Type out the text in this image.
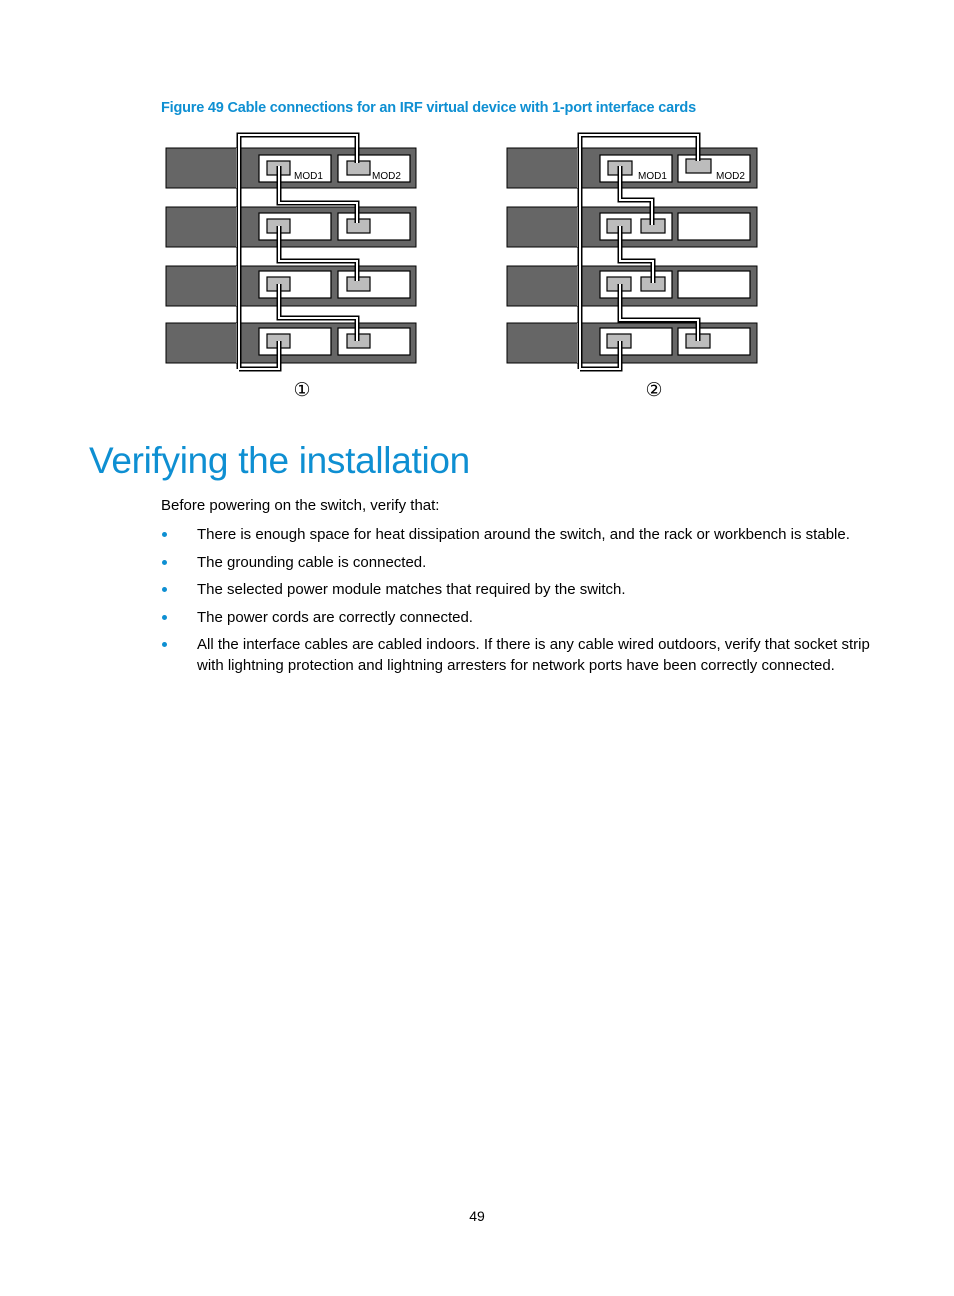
Figure 49 Cable connections for an IRF virtual device with 1-port interface cards
MOD1	MOD2
①
MOD1	MOD2
②
Verifying the installation
Before powering on the switch, verify that:
There is enough space for heat dissipation around the switch, and the rack or workbench is stable.
The grounding cable is connected.
The selected power module matches that required by the switch.
The power cords are correctly connected.
All the interface cables are cabled indoors. If there is any cable wired outdoors, verify that socket strip with lightning protection and lightning arresters for network ports have been correctly connected.
49
